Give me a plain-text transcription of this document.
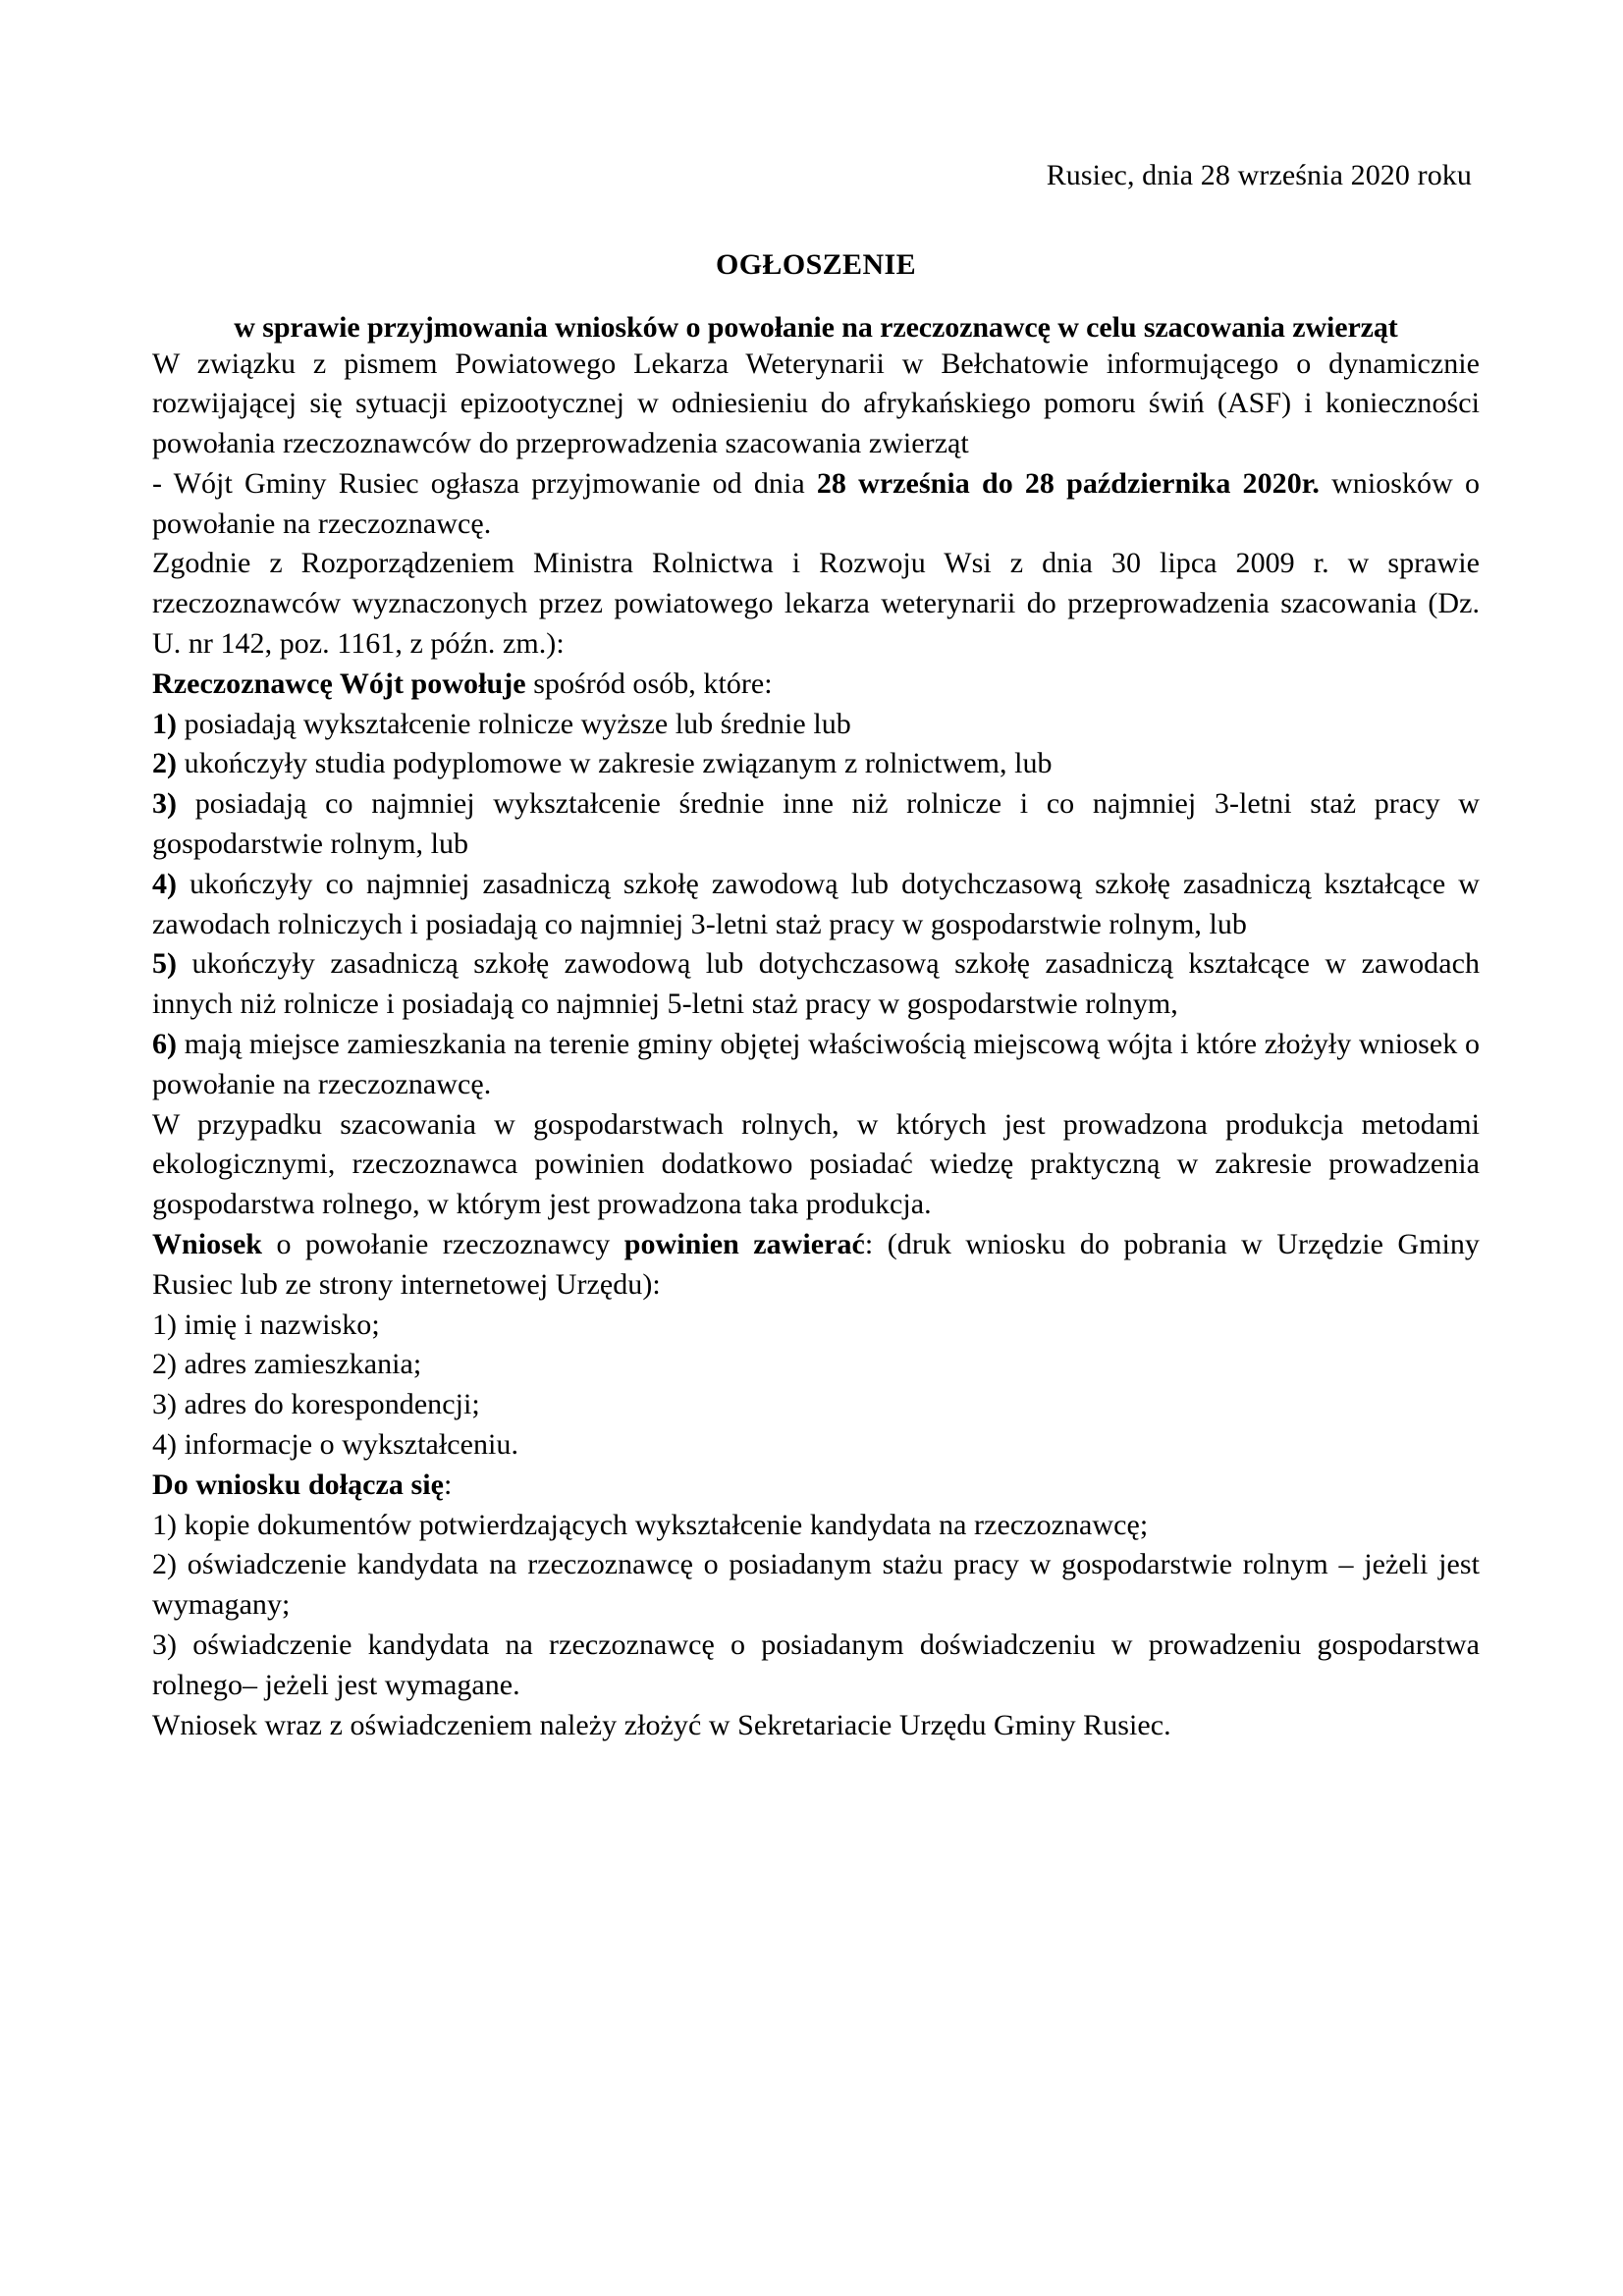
Rusiec, dnia 28 września 2020 roku
OGŁOSZENIE
w sprawie przyjmowania wniosków o powołanie na rzeczoznawcę w celu szacowania zwierząt

W związku z pismem Powiatowego Lekarza Weterynarii w Bełchatowie informującego o dynamicznie rozwijającej się sytuacji epizootycznej w odniesieniu do afrykańskiego pomoru świń (ASF) i konieczności powołania rzeczoznawców do przeprowadzenia szacowania zwierząt

- Wójt Gminy Rusiec ogłasza przyjmowanie od dnia 28 września do 28 października 2020r. wniosków o powołanie na rzeczoznawcę.

Zgodnie z Rozporządzeniem Ministra Rolnictwa i Rozwoju Wsi z dnia 30 lipca 2009 r. w sprawie rzeczoznawców wyznaczonych przez powiatowego lekarza weterynarii do przeprowadzenia szacowania (Dz. U. nr 142, poz. 1161, z późn. zm.):

Rzeczoznawcę Wójt powołuje spośród osób, które:

1) posiadają wykształcenie rolnicze wyższe lub średnie lub

2) ukończyły studia podyplomowe w zakresie związanym z rolnictwem, lub

3) posiadają co najmniej wykształcenie średnie inne niż rolnicze i co najmniej 3-letni staż pracy w gospodarstwie rolnym, lub

4) ukończyły co najmniej zasadniczą szkołę zawodową lub dotychczasową szkołę zasadniczą kształcące w zawodach rolniczych i posiadają co najmniej 3-letni staż pracy w gospodarstwie rolnym, lub

5) ukończyły zasadniczą szkołę zawodową lub dotychczasową szkołę zasadniczą kształcące w zawodach innych niż rolnicze i posiadają co najmniej 5-letni staż pracy w gospodarstwie rolnym,

6) mają miejsce zamieszkania na terenie gminy objętej właściwością miejscową wójta i które złożyły wniosek o powołanie na rzeczoznawcę.

W przypadku szacowania w gospodarstwach rolnych, w których jest prowadzona produkcja metodami ekologicznymi, rzeczoznawca powinien dodatkowo posiadać wiedzę praktyczną w zakresie prowadzenia gospodarstwa rolnego, w którym jest prowadzona taka produkcja.

Wniosek o powołanie rzeczoznawcy powinien zawierać: (druk wniosku do pobrania w Urzędzie Gminy Rusiec lub ze strony internetowej Urzędu):

1) imię i nazwisko;

2) adres zamieszkania;

3) adres do korespondencji;

4) informacje o wykształceniu.

Do wniosku dołącza się:

1) kopie dokumentów potwierdzających wykształcenie kandydata na rzeczoznawcę;

2) oświadczenie kandydata na rzeczoznawcę o posiadanym stażu pracy w gospodarstwie rolnym – jeżeli jest wymagany;

3) oświadczenie kandydata na rzeczoznawcę o posiadanym doświadczeniu w prowadzeniu gospodarstwa rolnego– jeżeli jest wymagane.

Wniosek wraz z oświadczeniem należy złożyć w Sekretariacie Urzędu Gminy Rusiec.
